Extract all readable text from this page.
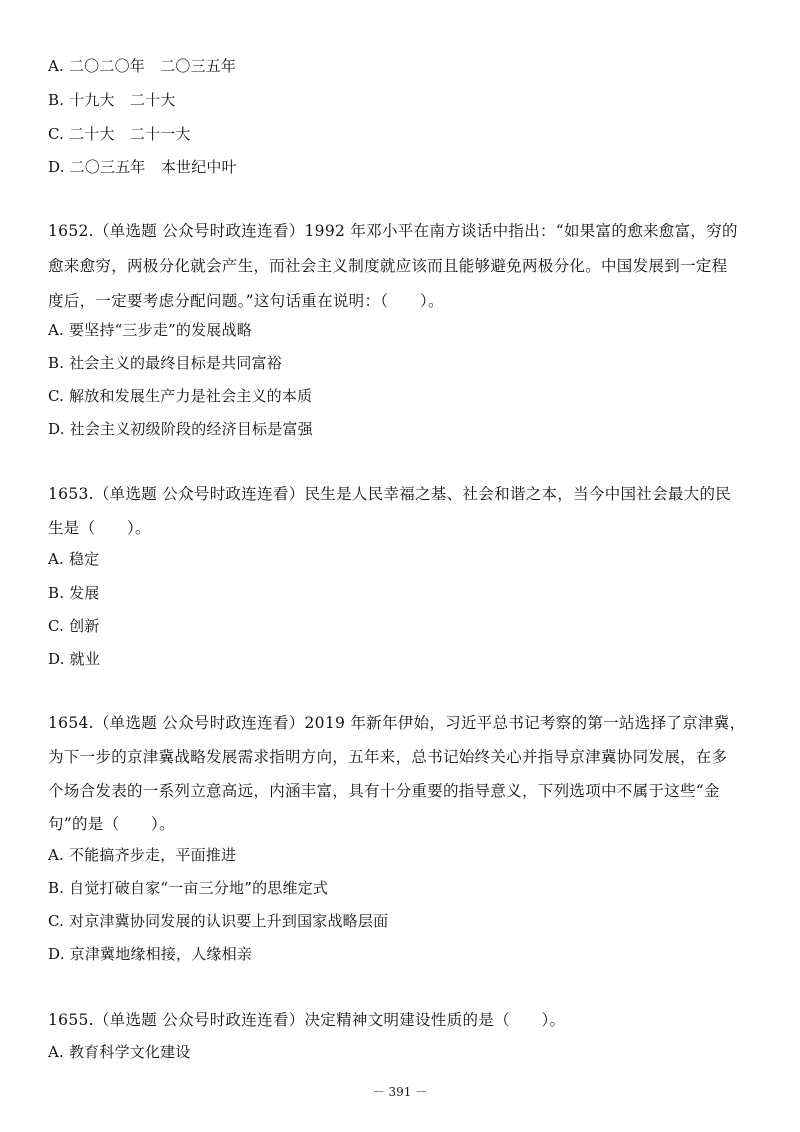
A. 二〇二〇年　二〇三五年
B. 十九大　二十大
C. 二十大　二十一大
D. 二〇三五年　本世纪中叶
1652.（单选题 公众号时政连连看）1992 年邓小平在南方谈话中指出：“如果富的愈来愈富，穷的
愈来愈穷，两极分化就会产生，而社会主义制度就应该而且能够避免两极分化。中国发展到一定程
度后，一定要考虑分配问题。”这句话重在说明：（　　）。
A. 要坚持“三步走”的发展战略
B. 社会主义的最终目标是共同富裕
C. 解放和发展生产力是社会主义的本质
D. 社会主义初级阶段的经济目标是富强
1653.（单选题 公众号时政连连看）民生是人民幸福之基、社会和谐之本，当今中国社会最大的民
生是（　　）。
A. 稳定
B. 发展
C. 创新
D. 就业
1654.（单选题 公众号时政连连看）2019 年新年伊始，习近平总书记考察的第一站选择了京津冀，
为下一步的京津冀战略发展需求指明方向，五年来，总书记始终关心并指导京津冀协同发展，在多
个场合发表的一系列立意高远，内涵丰富，具有十分重要的指导意义，下列选项中不属于这些“金
句”的是（　　）。
A. 不能搞齐步走，平面推进
B. 自觉打破自家“一亩三分地”的思维定式
C. 对京津冀协同发展的认识要上升到国家战略层面
D. 京津冀地缘相接，人缘相亲
1655.（单选题 公众号时政连连看）决定精神文明建设性质的是（　　）。
A. 教育科学文化建设
－ 391 －
